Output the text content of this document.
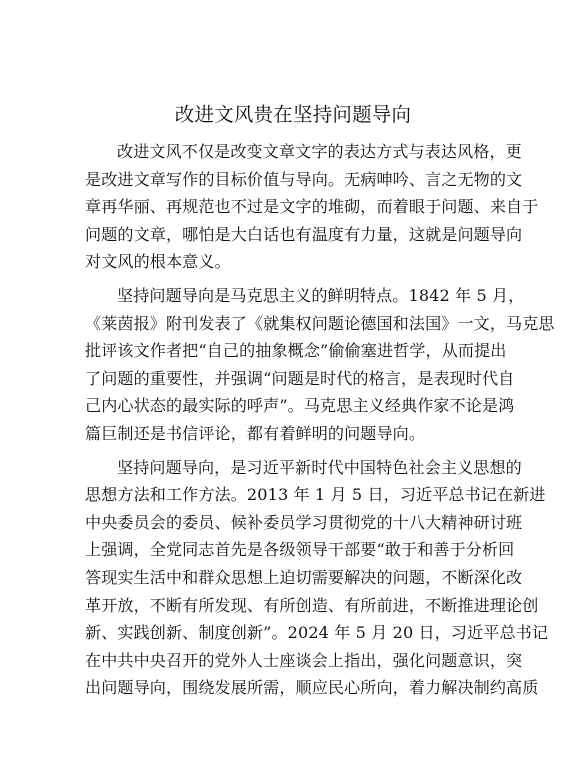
改进文风贵在坚持问题导向

改进文风不仅是改变文章文字的表达方式与表达风格，更
是改进文章写作的目标价值与导向。无病呻吟、言之无物的文
章再华丽、再规范也不过是文字的堆砌，而着眼于问题、来自于
问题的文章，哪怕是大白话也有温度有力量，这就是问题导向
对文风的根本意义。

坚持问题导向是马克思主义的鲜明特点。1842 年 5 月，
《莱茵报》附刊发表了《就集权问题论德国和法国》一文，马克思
批评该文作者把“自己的抽象概念”偷偷塞进哲学，从而提出
了问题的重要性，并强调“问题是时代的格言，是表现时代自
己内心状态的最实际的呼声”。马克思主义经典作家不论是鸿
篇巨制还是书信评论，都有着鲜明的问题导向。

坚持问题导向，是习近平新时代中国特色社会主义思想的
思想方法和工作方法。2013 年 1 月 5 日，习近平总书记在新进
中央委员会的委员、候补委员学习贯彻党的十八大精神研讨班
上强调，全党同志首先是各级领导干部要“敢于和善于分析回
答现实生活中和群众思想上迫切需要解决的问题，不断深化改
革开放，不断有所发现、有所创造、有所前进，不断推进理论创
新、实践创新、制度创新”。2024 年 5 月 20 日，习近平总书记
在中共中央召开的党外人士座谈会上指出，强化问题意识，突
出问题导向，围绕发展所需，顺应民心所向，着力解决制约高质
